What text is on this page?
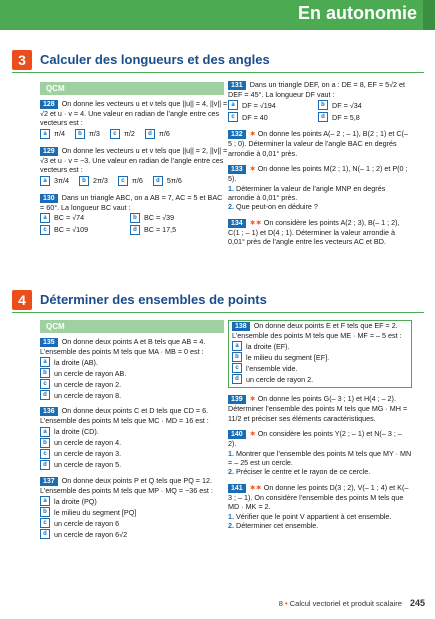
En autonomie
3	Calculer des longueurs et des angles
QCM
128 On donne les vecteurs u et v tels que ||u|| = 4, ||v|| = √2 et u · v = 4. Une valeur en radian de l’angle entre ces vecteurs est :
a	π/4	b π/3	c	π/2	d π/6
129 On donne les vecteurs u et v tels que ||u|| = 2, ||v|| = √3 et u · v = −3. Une valeur en radian de l’angle entre ces vecteurs est :
a	3π/4	b 2π/3	c	π/6	d 5π/6
130 Dans un triangle ABC, on a AB = 7, AC = 5 et BAC = 60°. La longueur BC vaut :
a	BC = √74	b BC = √39
c	BC = √109	d BC = 17,5
131 Dans un triangle DEF, on a : DE = 8, EF = 5√2 et DEF = 45°. La longueur DF vaut :
a	DF = √194	b DF = √34
c	DF = 40	d DF = 5,8
132 ✶ On donne les points A(– 2 ; – 1), B(2 ; 1) et C(– 5 ; 0). Déterminer la valeur de l’angle BAC en degrés arrondie à 0,01° près.
133 ✶ On donne les points M(2 ; 1), N(– 1 ; 2) et P(0 ; 5).
1. Déterminer la valeur de l’angle MNP en degrés arrondie à 0,01° près.
2. Que peut-on en déduire ?
134 ✶✶ On considère les points A(2 ; 3), B(– 1 ; 2), C(1 ; – 1) et D(4 ; 1). Déterminer la valeur arrondie à 0,01° près de l’angle entre les vecteurs AC et BD.
4	Déterminer des ensembles de points
QCM
135 On donne deux points A et B tels que AB = 4. L’ensemble des points M tels que MA · MB = 0 est :
a	la droite (AB).
b un cercle de rayon AB.
c	un cercle de rayon 2.
d un cercle de rayon 8.
136 On donne deux points C et D tels que CD = 6. L’ensemble des points M tels que MC · MD = 16 est :
a	la droite (CD).
b un cercle de rayon 4.
c	un cercle de rayon 3.
d un cercle de rayon 5.
137 On donne deux points P et Q tels que PQ = 12. L’ensemble des points M tels que MP · MQ = −36 est :
a	la droite (PQ)
b le milieu du segment [PQ]
c	un cercle de rayon 6
d un cercle de rayon 6√2
138 On donne deux points E et F tels que EF = 2. L’ensemble des points M tels que ME · MF = – 5 est :
a	la droite (EF).
b le milieu du segment [EF].
c	l’ensemble vide.
d un cercle de rayon 2.
139 ✶ On donne les points G(– 3 ; 1) et H(4 ; – 2). Déterminer l’ensemble des points M tels que MG · MH = 11/2 et préciser ses éléments caractéristiques.
140 ✶ On considère les points Y(2 ; – 1) et N(– 3 ; – 2).
1. Montrer que l’ensemble des points M tels que MY · MN = – 25 est un cercle.
2. Préciser le centre et le rayon de ce cercle.
141 ✶✶ On donne les points D(3 ; 2), V(– 1 ; 4) et K(– 3 ; – 1). On considère l’ensemble des points M tels que MD · MK = 2.
1. Vérifier que le point V appartient à cet ensemble.
2. Déterminer cet ensemble.
8 • Calcul vectoriel et produit scalaire 245
